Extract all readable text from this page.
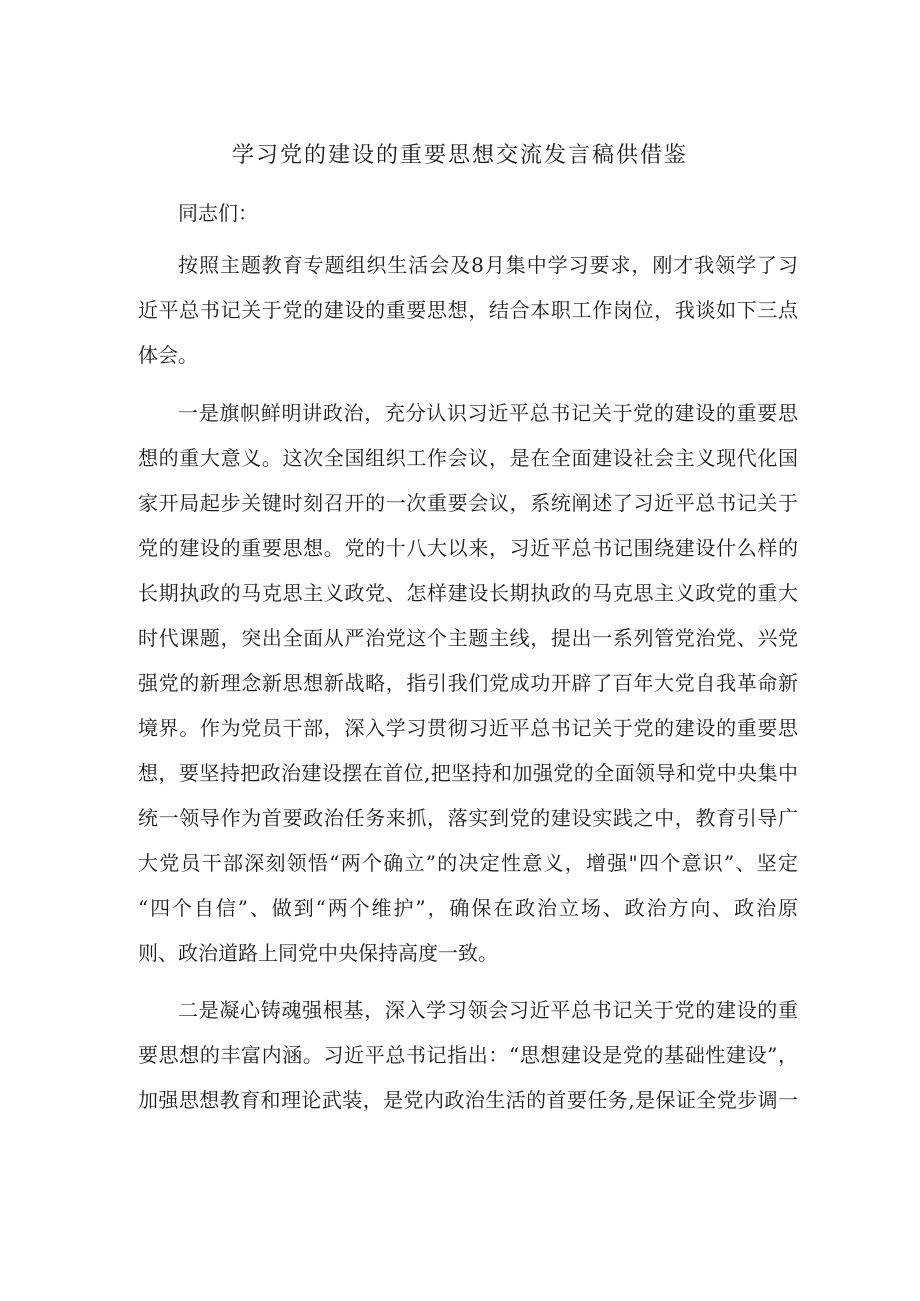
学习党的建设的重要思想交流发言稿供借鉴
同志们：
按照主题教育专题组织生活会及8月集中学习要求，刚才我领学了习
近平总书记关于党的建设的重要思想，结合本职工作岗位，我谈如下三点
体会。
一是旗帜鲜明讲政治，充分认识习近平总书记关于党的建设的重要思
想的重大意义。这次全国组织工作会议，是在全面建设社会主义现代化国
家开局起步关键时刻召开的一次重要会议，系统阐述了习近平总书记关于
党的建设的重要思想。党的十八大以来，习近平总书记围绕建设什么样的
长期执政的马克思主义政党、怎样建设长期执政的马克思主义政党的重大
时代课题，突出全面从严治党这个主题主线，提出一系列管党治党、兴党
强党的新理念新思想新战略，指引我们党成功开辟了百年大党自我革命新
境界。作为党员干部，深入学习贯彻习近平总书记关于党的建设的重要思
想，要坚持把政治建设摆在首位,把坚持和加强党的全面领导和党中央集中
统一领导作为首要政治任务来抓，落实到党的建设实践之中，教育引导广
大党员干部深刻领悟“两个确立”的决定性意义，增强"四个意识”、坚定
“四个自信”、做到“两个维护”，确保在政治立场、政治方向、政治原
则、政治道路上同党中央保持高度一致。
二是凝心铸魂强根基，深入学习领会习近平总书记关于党的建设的重
要思想的丰富内涵。习近平总书记指出：“思想建设是党的基础性建设”，
加强思想教育和理论武装，是党内政治生活的首要任务,是保证全党步调一
